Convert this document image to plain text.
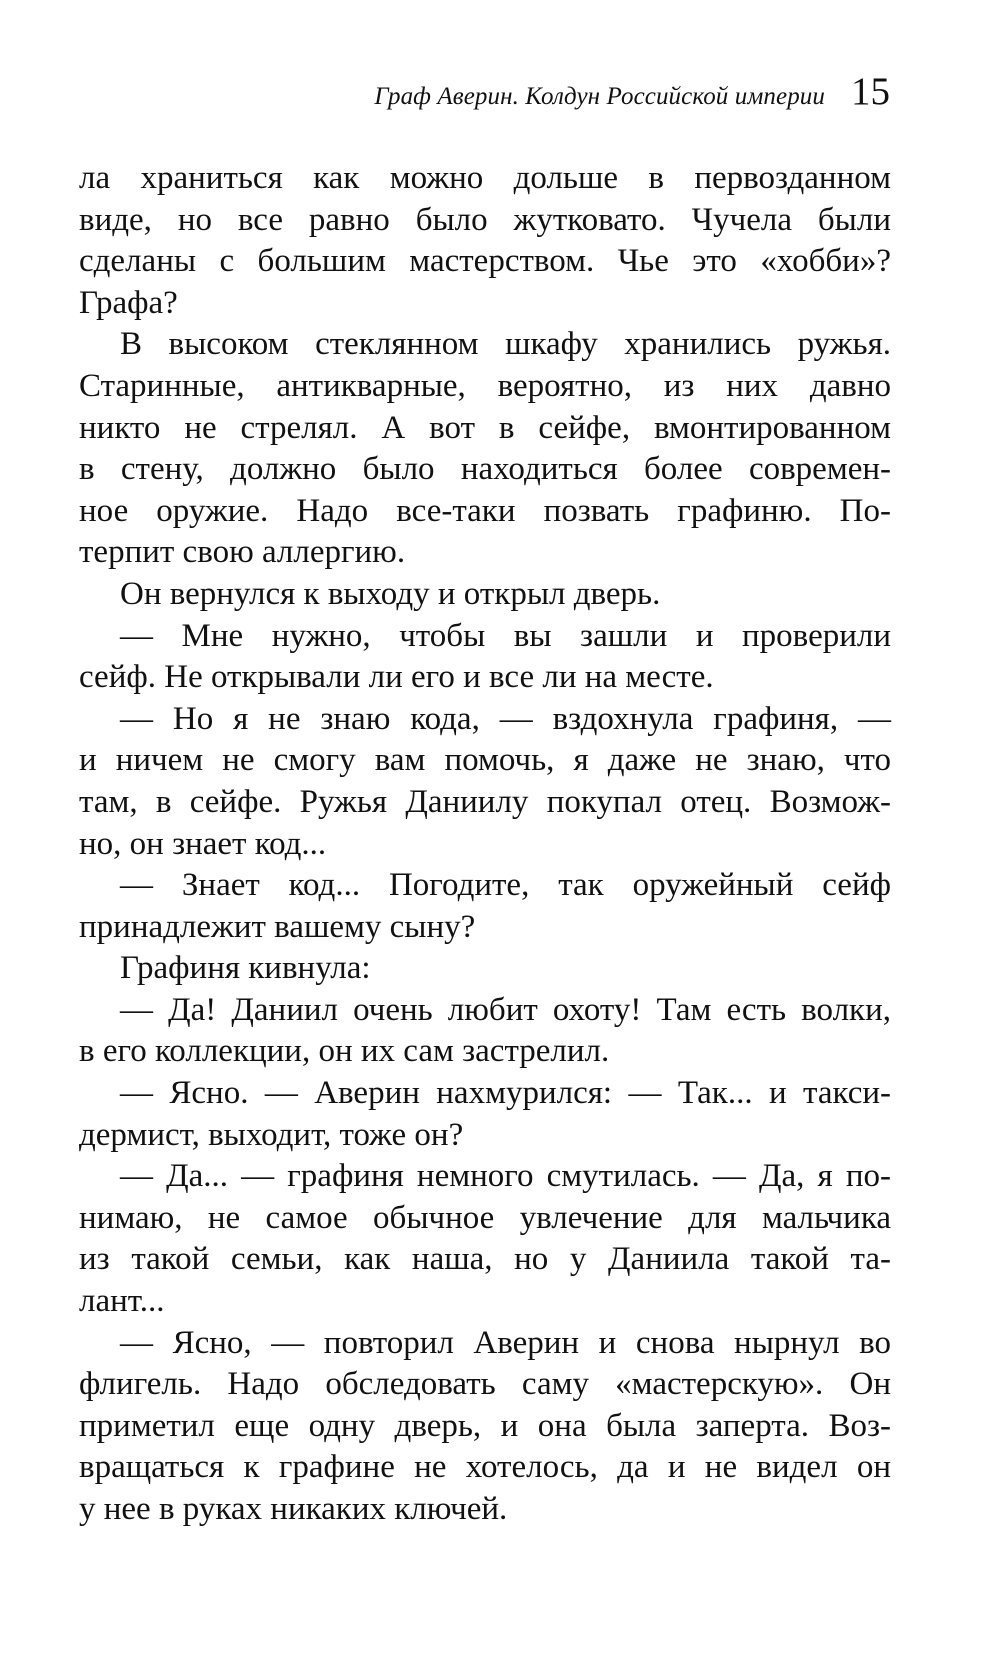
Граф Аверин. Колдун Российской империи 15
ла храниться как можно дольше в первозданном
виде, но все равно было жутковато. Чучела были
сделаны с большим мастерством. Чье это «хобби»?
Графа?
В высоком стеклянном шкафу хранились ружья.
Старинные, антикварные, вероятно, из них давно
никто не стрелял. А вот в сейфе, вмонтированном
в стену, должно было находиться более современ-
ное оружие. Надо все-таки позвать графиню. По-
терпит свою аллергию.
Он вернулся к выходу и открыл дверь.
— Мне нужно, чтобы вы зашли и проверили
сейф. Не открывали ли его и все ли на месте.
— Но я не знаю кода, — вздохнула графиня, —
и ничем не смогу вам помочь, я даже не знаю, что
там, в сейфе. Ружья Даниилу покупал отец. Возмож-
но, он знает код...
— Знает код... Погодите, так оружейный сейф
принадлежит вашему сыну?
Графиня кивнула:
— Да! Даниил очень любит охоту! Там есть волки,
в его коллекции, он их сам застрелил.
— Ясно. — Аверин нахмурился: — Так... и такси-
дермист, выходит, тоже он?
— Да... — графиня немного смутилась. — Да, я по-
нимаю, не самое обычное увлечение для мальчика
из такой семьи, как наша, но у Даниила такой та-
лант...
— Ясно, — повторил Аверин и снова нырнул во
флигель. Надо обследовать саму «мастерскую». Он
приметил еще одну дверь, и она была заперта. Воз-
вращаться к графине не хотелось, да и не видел он
у нее в руках никаких ключей.
